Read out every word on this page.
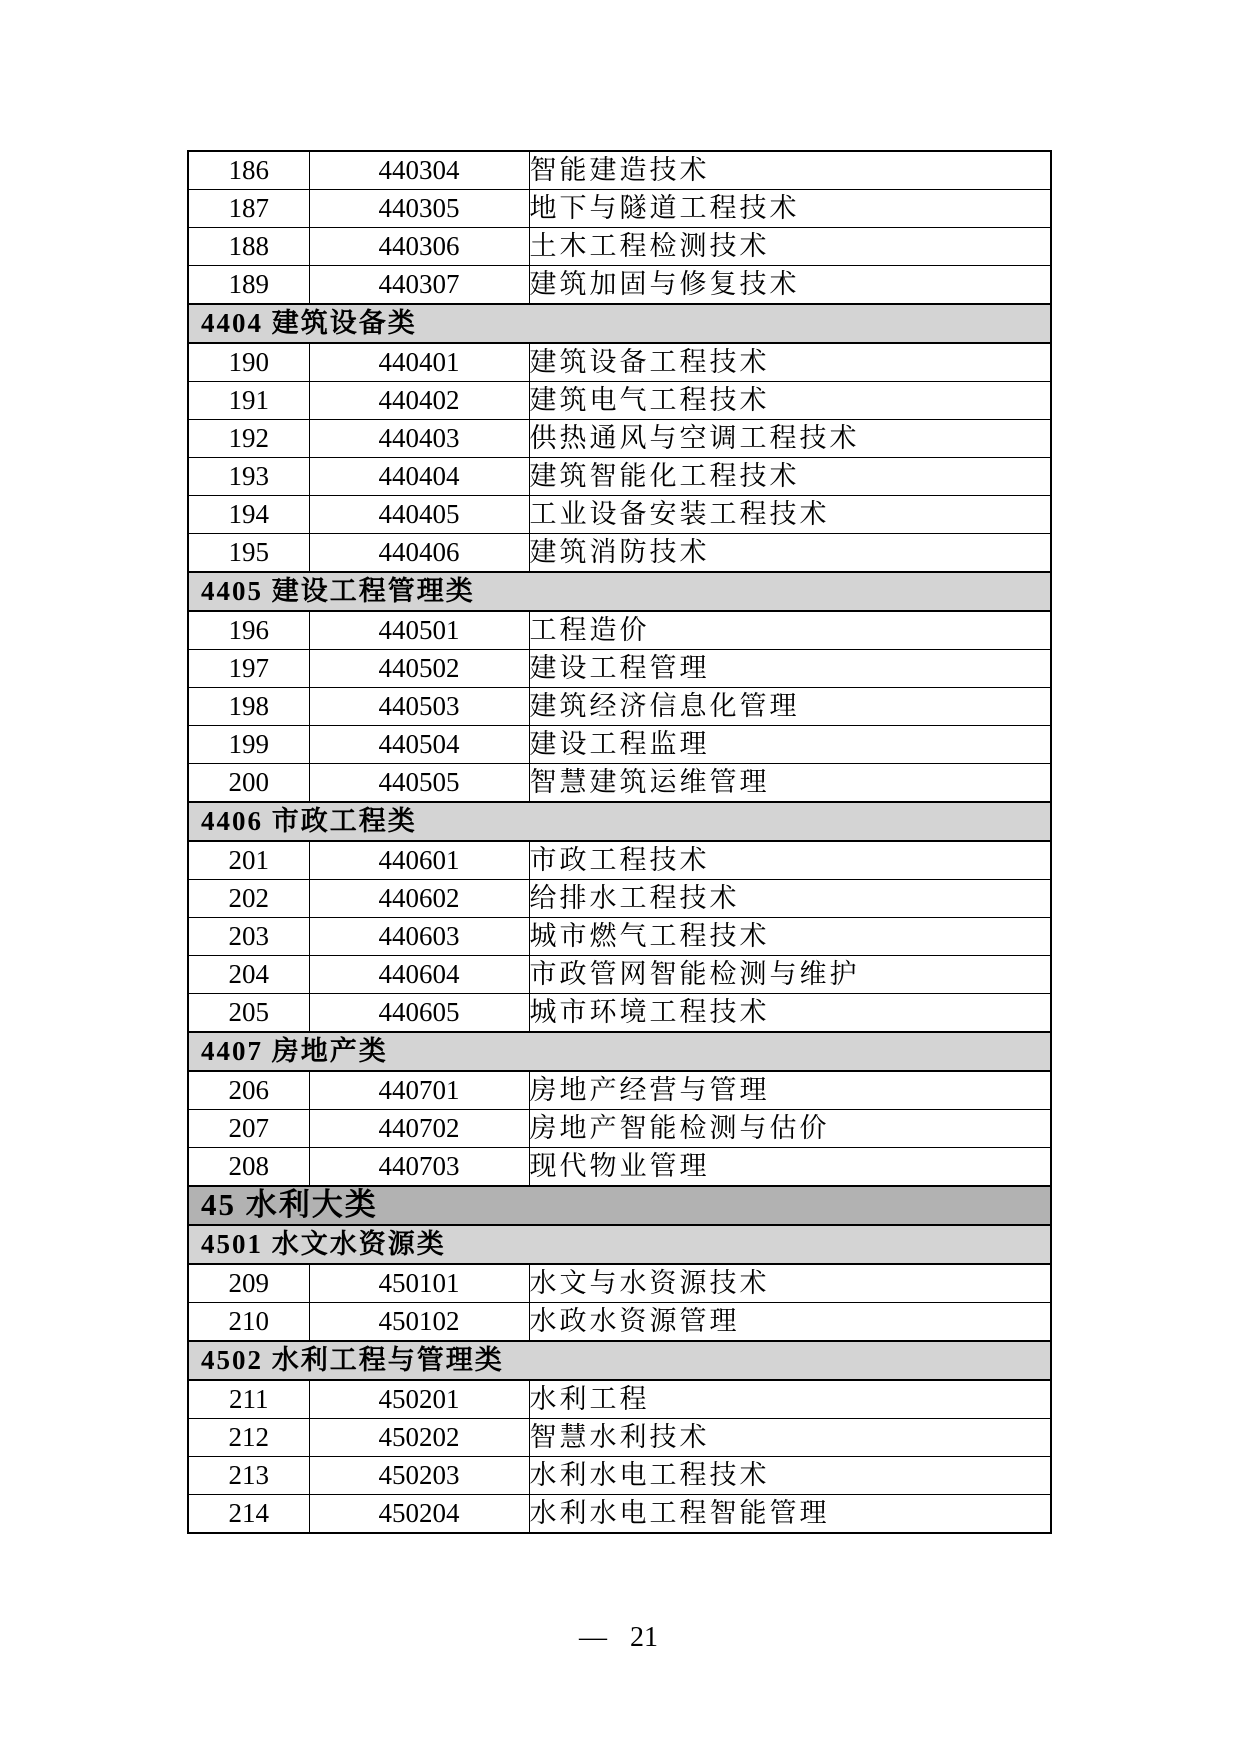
186	440304	智能建造技术
187	440305	地下与隧道工程技术
188	440306	土木工程检测技术
189	440307	建筑加固与修复技术
4404 建筑设备类		
190	440401	建筑设备工程技术
191	440402	建筑电气工程技术
192	440403	供热通风与空调工程技术
193	440404	建筑智能化工程技术
194	440405	工业设备安装工程技术
195	440406	建筑消防技术
4405 建设工程管理类		
196	440501	工程造价
197	440502	建设工程管理
198	440503	建筑经济信息化管理
199	440504	建设工程监理
200	440505	智慧建筑运维管理
4406 市政工程类		
201	440601	市政工程技术
202	440602	给排水工程技术
203	440603	城市燃气工程技术
204	440604	市政管网智能检测与维护
205	440605	城市环境工程技术
4407 房地产类		
206	440701	房地产经营与管理
207	440702	房地产智能检测与估价
208	440703	现代物业管理
45 水利大类		
4501 水文水资源类		
209	450101	水文与水资源技术
210	450102	水政水资源管理
4502 水利工程与管理类		
211	450201	水利工程
212	450202	智慧水利技术
213	450203	水利水电工程技术
214	450204	水利水电工程智能管理
— 21
